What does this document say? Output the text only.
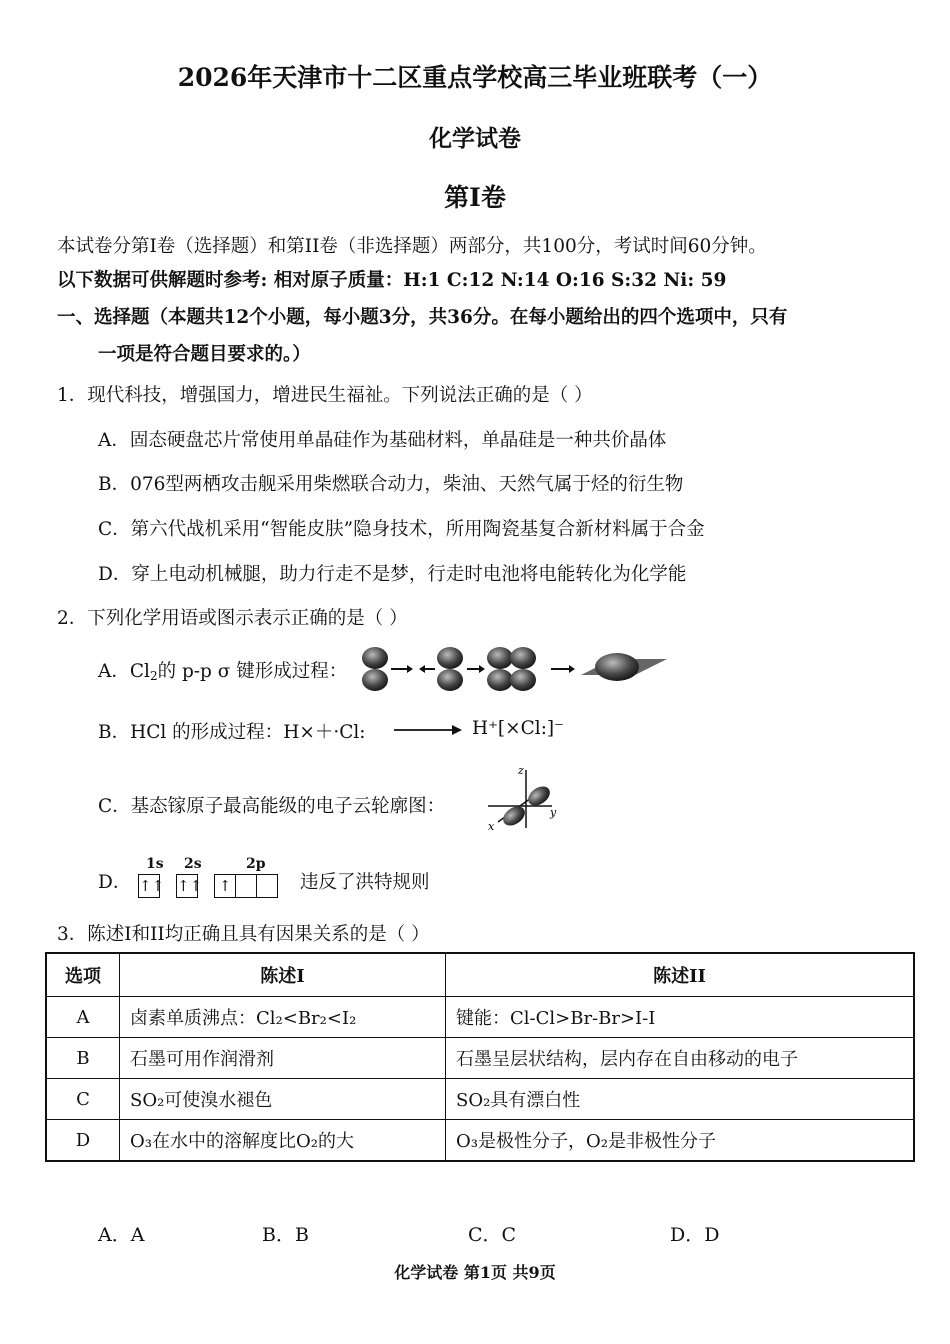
2026年天津市十二区重点学校高三毕业班联考（一）
化学试卷
第I卷
本试卷分第I卷（选择题）和第II卷（非选择题）两部分，共100分，考试时间60分钟。
以下数据可供解题时参考: 相对原子质量：H:1 C:12 N:14 O:16 S:32 Ni: 59
一、选择题（本题共12个小题，每小题3分，共36分。在每小题给出的四个选项中，只有
一项是符合题目要求的。）
1．现代科技，增强国力，增进民生福祉。下列说法正确的是（ ）
A．固态硬盘芯片常使用单晶硅作为基础材料，单晶硅是一种共价晶体
B．076型两栖攻击舰采用柴燃联合动力，柴油、天然气属于烃的衍生物
C．第六代战机采用“智能皮肤”隐身技术，所用陶瓷基复合新材料属于合金
D．穿上电动机械腿，助力行走不是梦，行走时电池将电能转化为化学能
2．下列化学用语或图示表示正确的是（ ）
A．$Cl_2$的 p-p σ 键形成过程：
B．HCl 的形成过程：H×＋·Cl:	H⁺[×Cl:]⁻
C．基态镓原子最高能级的电子云轮廓图：
z
y
x
D．
1s 2s	2p
↑↑ ↑↑ ↑	违反了洪特规则
3．陈述I和II均正确且具有因果关系的是（ ）
选项	陈述I	陈述II
A	卤素单质沸点：Cl₂<Br₂<I₂	键能：Cl-Cl>Br-Br>I-I
B	石墨可用作润滑剂	石墨呈层状结构，层内存在自由移动的电子
C	SO₂可使溴水褪色	SO₂具有漂白性
D	O₃在水中的溶解度比O₂的大	O₃是极性分子，O₂是非极性分子
A．A	B．B	C．C	D．D
化学试卷 第1页 共9页
